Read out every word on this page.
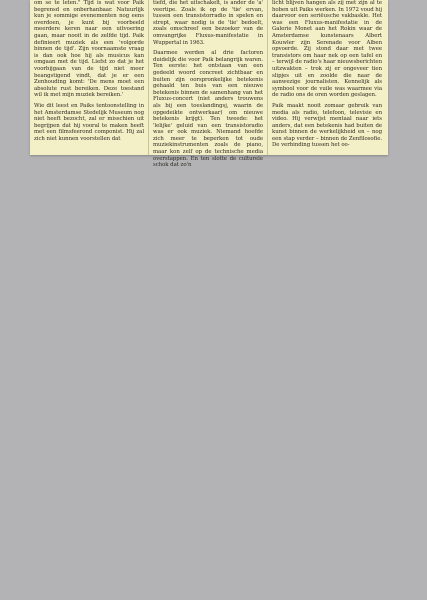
om se te leten." Tijd is wat voor Paik begrensd en onberhanbaar. Natuurlijk kun je sommige evenementen nog eens overdoen, je kunt bij voorbeeld meerdere keren naar een uitvoering gaan, maar nooit in de zelfde tijd. Paik definieert muziek als een 'volgorde binnen de tijd'. Zijn voornaamste vraag is dan ook hoe hij als musicus kan omgaan met de tijd. Liefst zo dat je het voorbijgaan van de tijd niet meer beangstigend vindt, dat je er een Zenhouding komt: 'De mens moet een absolute rust bereiken. Deze toestand wil ik met mijn muziek bereiken.'

Wie dit leest en Paiks tentoonstelling in het Amsterdamse Stedelijk Museum nog niet heeft bezocht, zal er misschien uit begrijpen dat hij vooral te maken heeft met een filmsfeerond componist. Hij zal zich niet kunnen voorstellen dat

tiefd, die het uitschakelt, is ander de 'a' veertipe. Zoals ik op de 'tie' ervan, tussen een transistorradio in spelen en strept, waar nodig is de 'tie' bedoelt, zoals omschreef een bezoeker van de omvangrijke Fluxus-manifestatie in Wuppertal in 1963.

Daarmee werden al drie factoren duidelijk die voor Paik belangrijk waren. Ten eerste: het ontstaan van een gedeeld woord concreet zichtbaar en buiten zijn oorspronkelijke betekenis gehaald ten buis van een nieuwe betekenis binnen de samenhang van het Fluxus-concert (niet anders trouwens als bij een toeslandingsj, waarin de opgedeikte ontwerkaar) om nieuwe betekenis krijgt). Ten tweede: het 'lelijke' geluid van een transistoradio was er ook muziek. Niemand hoefde zich meer te beperken tot oude muziekinstrumenten zoals de piano, maar kon zelf op de technische media overstappen. En ten slotte de culturele schok dat zo'n

licht blijven hangen als zij met zijn al te hoben uit Paiks werken. In 1972 voud hij daarvoor een seriëusche vakbaskle. Het was een Fluxus-manifestatie in de Galerie Monet aan het Rokin waar de Amsterdamse kunstenaars Albert Kouwler zijn Serenade voor Alben opvoerde. Zij stond daar met twee transistors om haar nek op een tafel en – terwijl de radio's haar nieuwsberichten uitzwakten – trok zij er ongeveer tien slipjes uit en zoolde die naar de aanwezige journalisten. Kennelijk als symbool voor de vuile was waarmee via de radio ons de oren worden geslagen.

Paik maakt nooit zomaar gebruik van media als radio, telefoon, televisie en video. Hij verwijst mentaal naar iets anders, dat een betekenis had buiten de kunst binnen de werkelijkheid en – nog een stap verder – binnen de Zenfilosofie. De verbinding tussen het oo-
